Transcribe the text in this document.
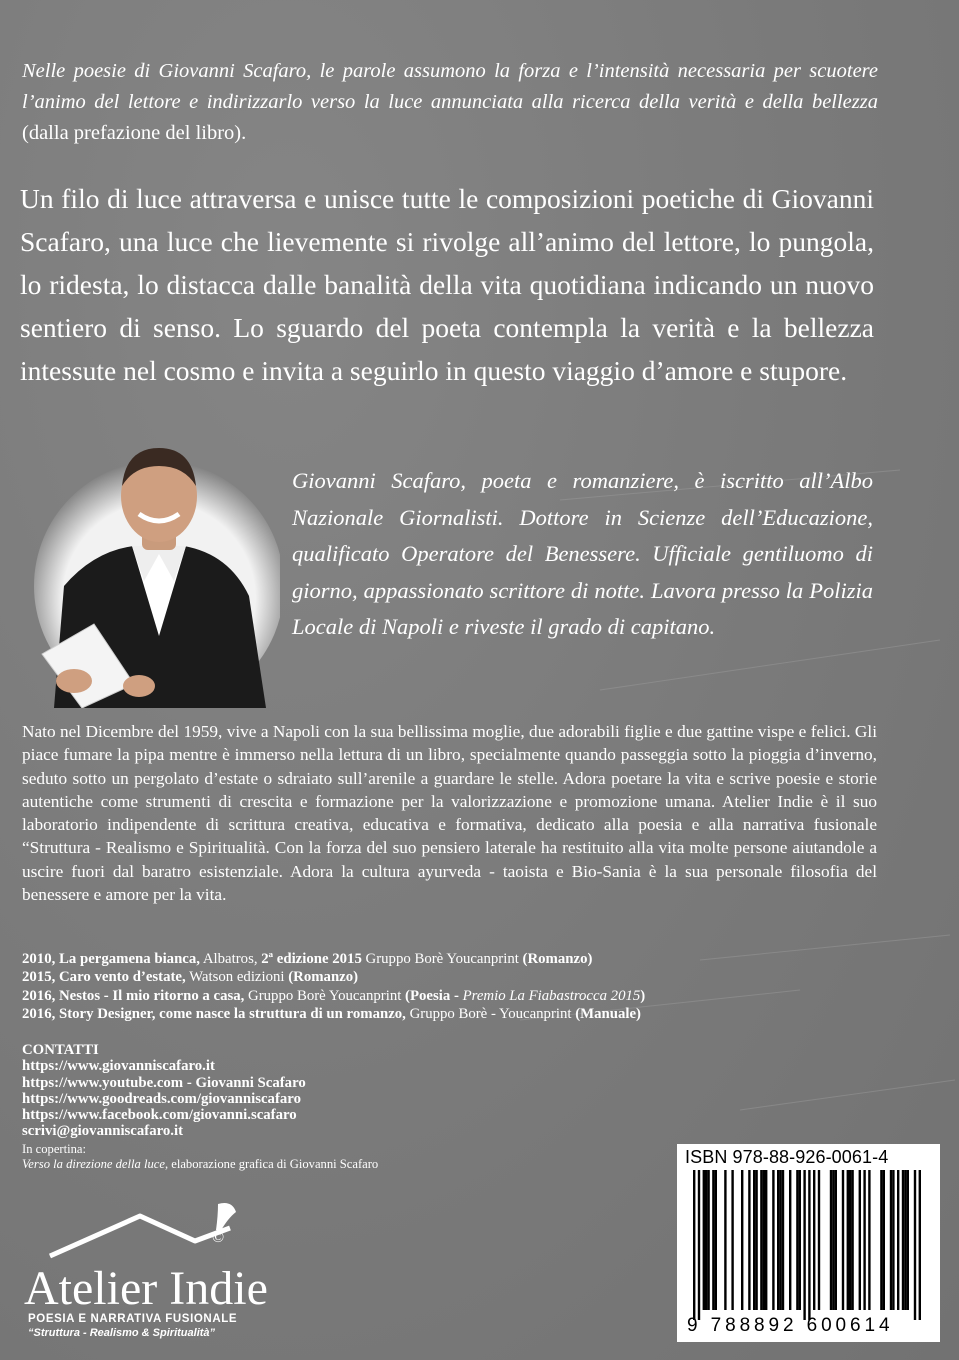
Nelle poesie di Giovanni Scafaro, le parole assumono la forza e l’intensità necessaria per scuotere l’animo del lettore e indirizzarlo verso la luce annunciata alla ricerca della verità e della bellezza (dalla prefazione del libro).
Un filo di luce attraversa e unisce tutte le composizioni poetiche di Giovanni Scafaro, una luce che lievemente si rivolge all’animo del lettore, lo pungola, lo ridesta, lo distacca dalle banalità della vita quotidiana indicando un nuovo sentiero di senso. Lo sguardo del poeta contempla la verità e la bellezza intessute nel cosmo e invita a seguirlo in questo viaggio d’amore e stupore.
Giovanni Scafaro, poeta e romanziere, è iscritto all’Albo Nazionale Giornalisti. Dottore in Scienze dell’Educazione, qualificato Operatore del Benessere. Ufficiale gentiluomo di giorno, appassionato scrittore di notte. Lavora presso la Polizia Locale di Napoli e riveste il grado di capitano.
Nato nel Dicembre del 1959, vive a Napoli con la sua bellissima moglie, due adorabili figlie e due gattine vispe e felici. Gli piace fumare la pipa mentre è immerso nella lettura di un libro, specialmente quando passeggia sotto la pioggia d’inverno, seduto sotto un pergolato d’estate o sdraiato sull’arenile a guardare le stelle. Adora poetare la vita e scrive poesie e storie autentiche come strumenti di crescita e formazione per la valorizzazione e promozione umana. Atelier Indie è il suo laboratorio indipendente di scrittura creativa, educativa e formativa, dedicato alla poesia e alla narrativa fusionale “Struttura - Realismo e Spiritualità. Con la forza del suo pensiero laterale ha restituito alla vita molte persone aiutandole a uscire fuori dal baratro esistenziale. Adora la cultura ayurveda - taoista e Bio-Sania è la sua personale filosofia del benessere e amore per la vita.
2010, La pergamena bianca, Albatros, 2ª edizione 2015 Gruppo Borè Youcanprint (Romanzo)
2015, Caro vento d’estate, Watson edizioni (Romanzo)
2016, Nestos - Il mio ritorno a casa, Gruppo Borè Youcanprint (Poesia - Premio La Fiabastrocca 2015)
2016, Story Designer, come nasce la struttura di un romanzo, Gruppo Borè - Youcanprint (Manuale)
CONTATTI
https://www.giovanniscafaro.it
https://www.youtube.com - Giovanni Scafaro
https://www.goodreads.com/giovanniscafaro
https://www.facebook.com/giovanni.scafaro
scrivi@giovanniscafaro.it
In copertina:
Verso la direzione della luce, elaborazione grafica di Giovanni Scafaro
©
Atelier Indie
POESIA E NARRATIVA FUSIONALE
“Struttura - Realismo & Spiritualità”
ISBN 978-88-926-0061-4
9 788892 600614
